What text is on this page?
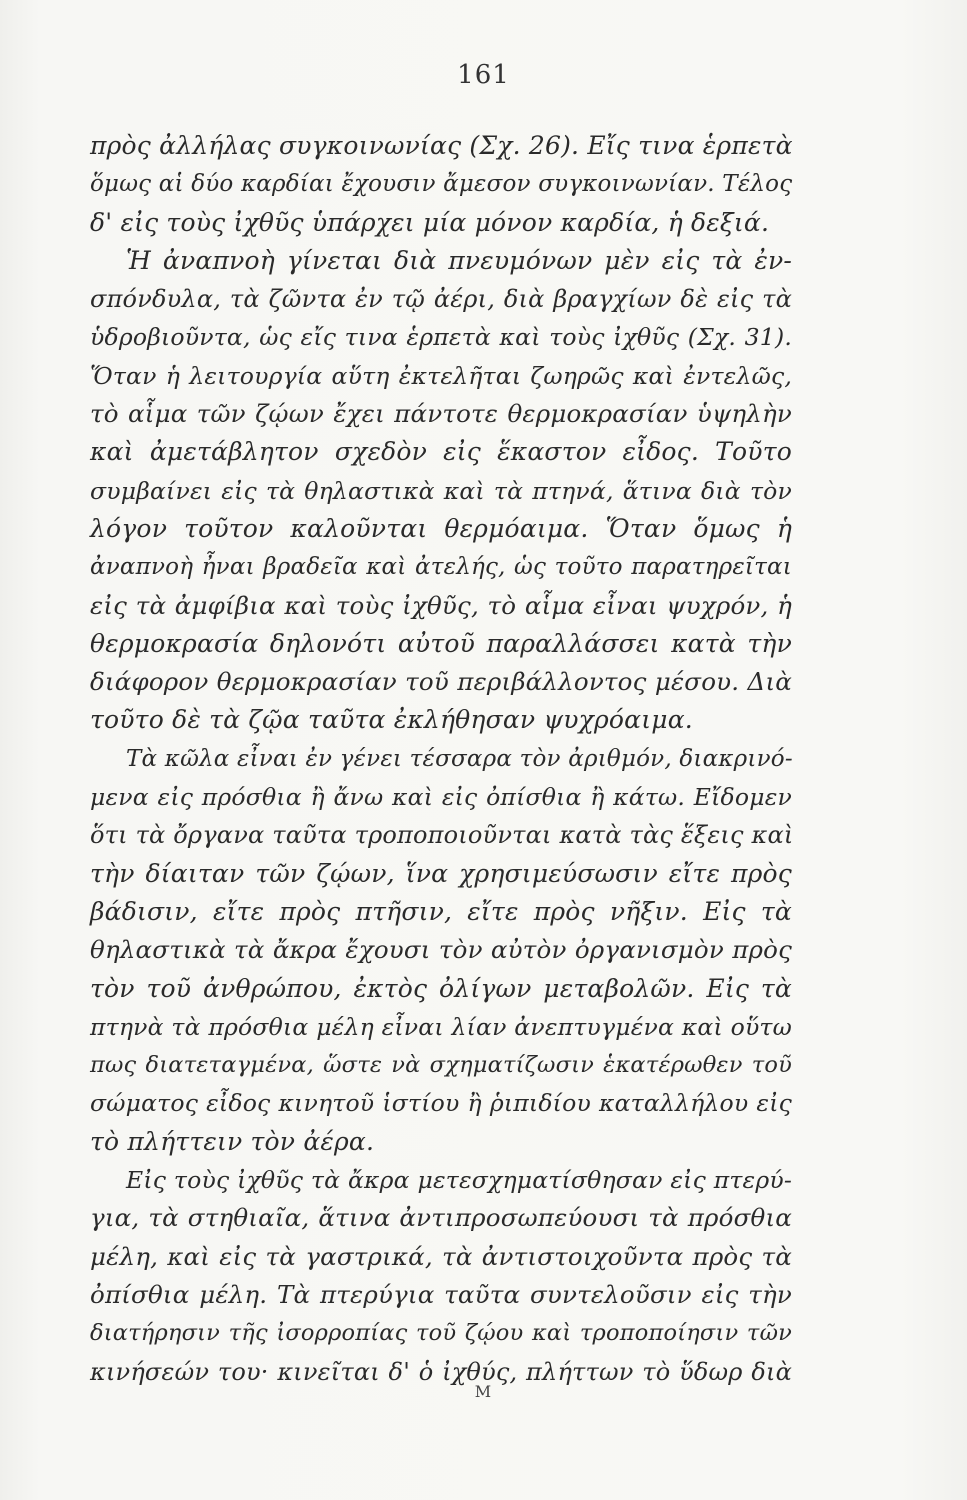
161
πρὸς ἀλλήλας συγκοινωνίας (Σχ. 26). Εἴς τινα ἑρπετὰ
ὅμως αἱ δύο καρδίαι ἔχουσιν ἄμεσον συγκοινωνίαν. Τέλος
δ' εἰς τοὺς ἰχθῦς ὑπάρχει μία μόνον καρδία, ἡ δεξιά.
Ἡ ἀναπνοὴ γίνεται διὰ πνευμόνων μὲν εἰς τὰ ἐν-
σπόνδυλα, τὰ ζῶντα ἐν τῷ ἀέρι, διὰ βραγχίων δὲ εἰς τὰ
ὑδροβιοῦντα, ὡς εἴς τινα ἑρπετὰ καὶ τοὺς ἰχθῦς (Σχ. 31).
Ὅταν ἡ λειτουργία αὕτη ἐκτελῆται ζωηρῶς καὶ ἐντελῶς,
τὸ αἷμα τῶν ζῴων ἔχει πάντοτε θερμοκρασίαν ὑψηλὴν
καὶ ἀμετάβλητον σχεδὸν εἰς ἕκαστον εἶδος. Τοῦτο
συμβαίνει εἰς τὰ θηλαστικὰ καὶ τὰ πτηνά, ἅτινα διὰ τὸν
λόγον τοῦτον καλοῦνται θερμόαιμα. Ὅταν ὅμως ἡ
ἀναπνοὴ ἦναι βραδεῖα καὶ ἀτελής, ὡς τοῦτο παρατηρεῖται
εἰς τὰ ἀμφίβια καὶ τοὺς ἰχθῦς, τὸ αἷμα εἶναι ψυχρόν, ἡ
θερμοκρασία δηλονότι αὐτοῦ παραλλάσσει κατὰ τὴν
διάφορον θερμοκρασίαν τοῦ περιβάλλοντος μέσου. Διὰ
τοῦτο δὲ τὰ ζῷα ταῦτα ἐκλήθησαν ψυχρόαιμα.
Τὰ κῶλα εἶναι ἐν γένει τέσσαρα τὸν ἀριθμόν, διακρινό-
μενα εἰς πρόσθια ἢ ἄνω καὶ εἰς ὀπίσθια ἢ κάτω. Εἴδομεν
ὅτι τὰ ὄργανα ταῦτα τροποποιοῦνται κατὰ τὰς ἕξεις καὶ
τὴν δίαιταν τῶν ζῴων, ἵνα χρησιμεύσωσιν εἴτε πρὸς
βάδισιν, εἴτε πρὸς πτῆσιν, εἴτε πρὸς νῆξιν. Εἰς τὰ
θηλαστικὰ τὰ ἄκρα ἔχουσι τὸν αὐτὸν ὀργανισμὸν πρὸς
τὸν τοῦ ἀνθρώπου, ἐκτὸς ὀλίγων μεταβολῶν. Εἰς τὰ
πτηνὰ τὰ πρόσθια μέλη εἶναι λίαν ἀνεπτυγμένα καὶ οὕτω
πως διατεταγμένα, ὥστε νὰ σχηματίζωσιν ἑκατέρωθεν τοῦ
σώματος εἶδος κινητοῦ ἱστίου ἢ ῥιπιδίου καταλλήλου εἰς
τὸ πλήττειν τὸν ἀέρα.
Εἰς τοὺς ἰχθῦς τὰ ἄκρα μετεσχηματίσθησαν εἰς πτερύ-
για, τὰ στηθιαῖα, ἅτινα ἀντιπροσωπεύουσι τὰ πρόσθια
μέλη, καὶ εἰς τὰ γαστρικά, τὰ ἀντιστοιχοῦντα πρὸς τὰ
ὀπίσθια μέλη. Τὰ πτερύγια ταῦτα συντελοῦσιν εἰς τὴν
διατήρησιν τῆς ἰσορροπίας τοῦ ζῴου καὶ τροποποίησιν τῶν
κινήσεών του· κινεῖται δ' ὁ ἰχθύς, πλήττων τὸ ὕδωρ διὰ
M
